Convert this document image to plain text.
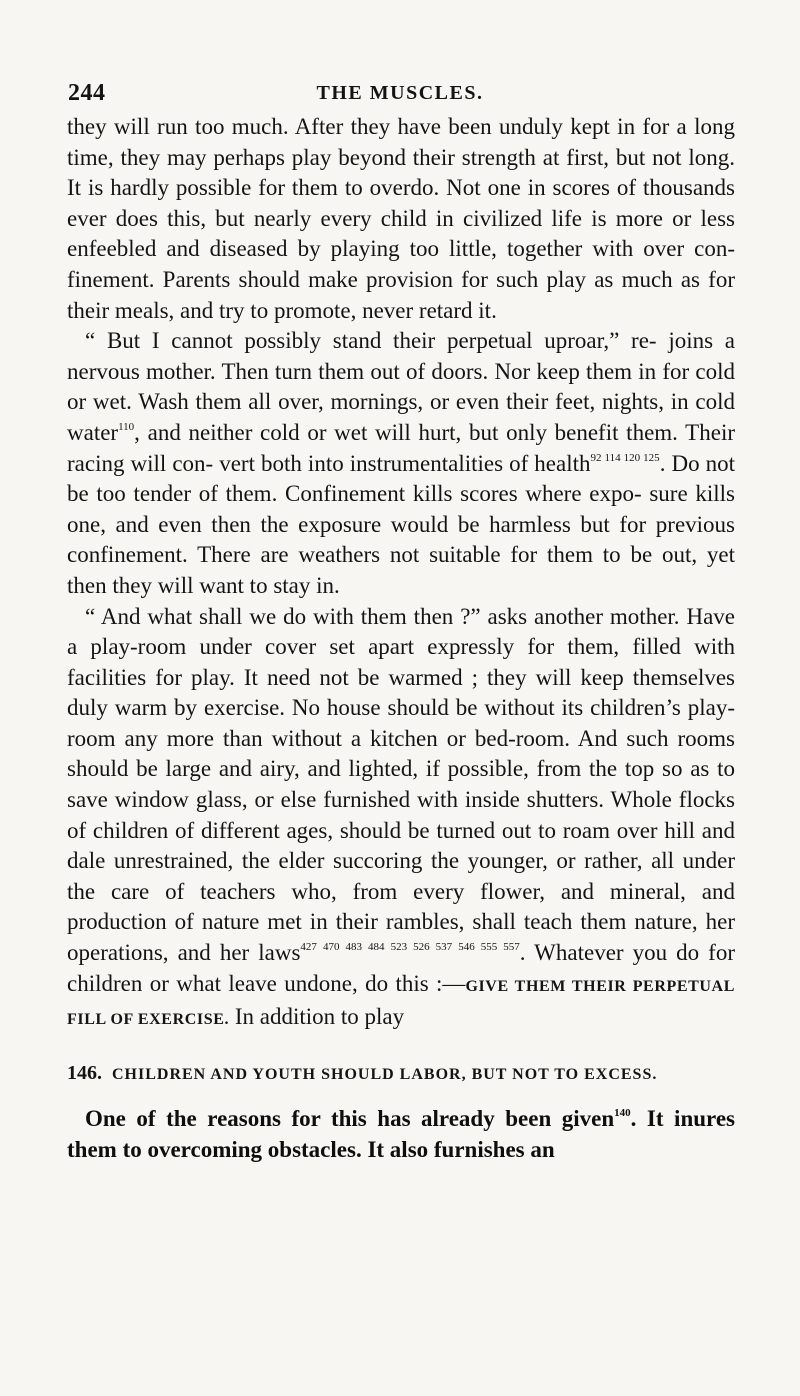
244	THE MUSCLES.

they will run too much. After they have been unduly kept in for a long time, they may perhaps play beyond their strength at first, but not long. It is hardly possible for them to overdo. Not one in scores of thousands ever does this, but nearly every child in civilized life is more or less enfeebled and diseased by playing too little, together with over con- finement. Parents should make provision for such play as much as for their meals, and try to promote, never retard it.

“ But I cannot possibly stand their perpetual uproar,” re- joins a nervous mother. Then turn them out of doors. Nor keep them in for cold or wet. Wash them all over, mornings, or even their feet, nights, in cold water$^{110}$, and neither cold or wet will hurt, but only benefit them. Their racing will con- vert both into instrumentalities of health$^{92 114 120 125}$. Do not be too tender of them. Confinement kills scores where expo- sure kills one, and even then the exposure would be harmless but for previous confinement. There are weathers not suitable for them to be out, yet then they will want to stay in.

“ And what shall we do with them then ?” asks another mother. Have a play-room under cover set apart expressly for them, filled with facilities for play. It need not be warmed ; they will keep themselves duly warm by exercise. No house should be without its children’s play-room any more than without a kitchen or bed-room. And such rooms should be large and airy, and lighted, if possible, from the top so as to save window glass, or else furnished with inside shutters. Whole flocks of children of different ages, should be turned out to roam over hill and dale unrestrained, the elder succoring the younger, or rather, all under the care of teachers who, from every flower, and mineral, and production of nature met in their rambles, shall teach them nature, her operations, and her laws$^{427 470 483 484 523 526 537 546 555 557}$. Whatever you do for children or what leave undone, do this :—GIVE THEM THEIR PERPETUAL FILL OF EXERCISE. In addition to play

146. CHILDREN AND YOUTH SHOULD LABOR, BUT NOT TO EXCESS.

One of the reasons for this has already been given$^{140}$. It inures them to overcoming obstacles. It also furnishes an
